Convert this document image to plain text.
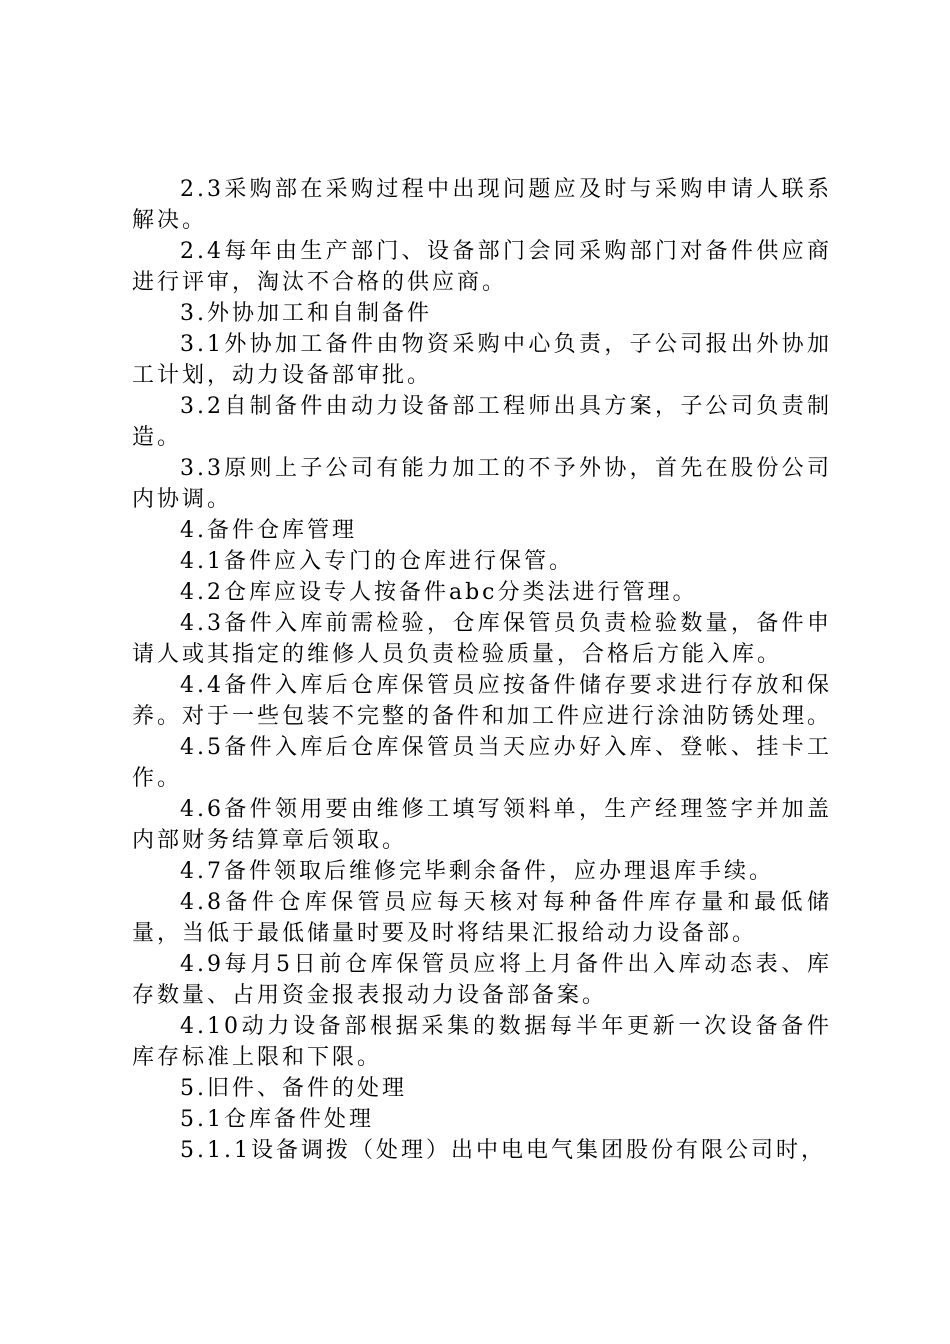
2.3采购部在采购过程中出现问题应及时与采购申请人联系解决。

2.4每年由生产部门、设备部门会同采购部门对备件供应商进行评审，淘汰不合格的供应商。

3.外协加工和自制备件

3.1外协加工备件由物资采购中心负责，子公司报出外协加工计划，动力设备部审批。

3.2自制备件由动力设备部工程师出具方案，子公司负责制造。

3.3原则上子公司有能力加工的不予外协，首先在股份公司内协调。

4.备件仓库管理

4.1备件应入专门的仓库进行保管。

4.2仓库应设专人按备件abc分类法进行管理。

4.3备件入库前需检验，仓库保管员负责检验数量，备件申请人或其指定的维修人员负责检验质量，合格后方能入库。

4.4备件入库后仓库保管员应按备件储存要求进行存放和保养。对于一些包装不完整的备件和加工件应进行涂油防锈处理。

4.5备件入库后仓库保管员当天应办好入库、登帐、挂卡工作。

4.6备件领用要由维修工填写领料单，生产经理签字并加盖内部财务结算章后领取。

4.7备件领取后维修完毕剩余备件，应办理退库手续。

4.8备件仓库保管员应每天核对每种备件库存量和最低储量，当低于最低储量时要及时将结果汇报给动力设备部。

4.9每月5日前仓库保管员应将上月备件出入库动态表、库存数量、占用资金报表报动力设备部备案。

4.10动力设备部根据采集的数据每半年更新一次设备备件库存标准上限和下限。

5.旧件、备件的处理

5.1仓库备件处理

5.1.1设备调拨（处理）出中电电气集团股份有限公司时，
